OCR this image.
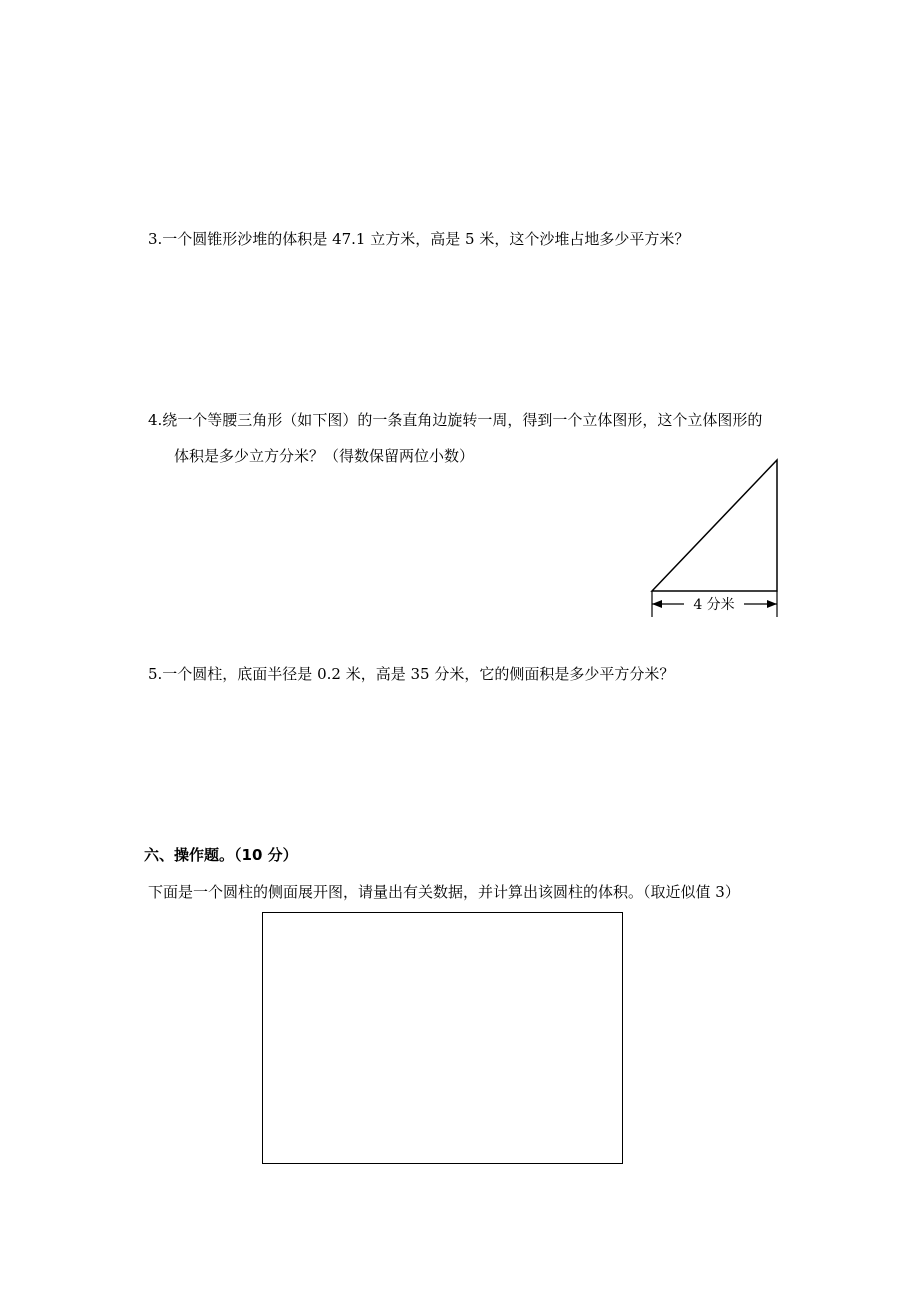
3.一个圆锥形沙堆的体积是 47.1 立方米，高是 5 米，这个沙堆占地多少平方米？
4.绕一个等腰三角形（如下图）的一条直角边旋转一周，得到一个立体图形，这个立体图形的
体积是多少立方分米？（得数保留两位小数）
4 分米
5.一个圆柱，底面半径是 0.2 米，高是 35 分米，它的侧面积是多少平方分米？
六、操作题。（10 分）
下面是一个圆柱的侧面展开图，请量出有关数据，并计算出该圆柱的体积。（取近似值 3）
